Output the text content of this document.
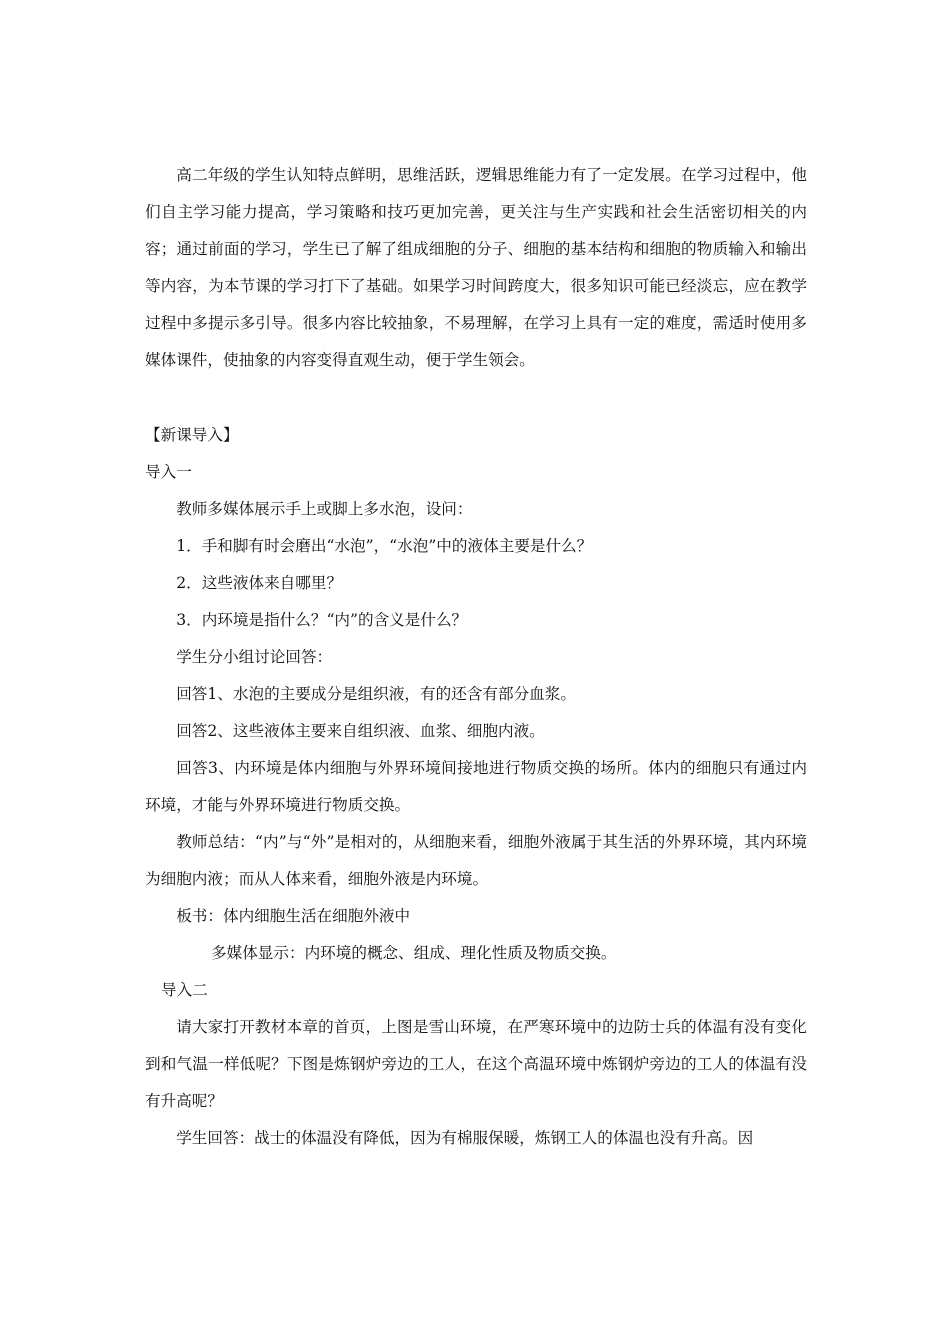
高二年级的学生认知特点鲜明，思维活跃，逻辑思维能力有了一定发展。在学习过程中，他们自主学习能力提高，学习策略和技巧更加完善，更关注与生产实践和社会生活密切相关的内容；通过前面的学习，学生已了解了组成细胞的分子、细胞的基本结构和细胞的物质输入和输出等内容，为本节课的学习打下了基础。如果学习时间跨度大，很多知识可能已经淡忘，应在教学过程中多提示多引导。很多内容比较抽象，不易理解，在学习上具有一定的难度，需适时使用多媒体课件，使抽象的内容变得直观生动，便于学生领会。

【新课导入】

导入一

教师多媒体展示手上或脚上多水泡，设问：

1．手和脚有时会磨出“水泡”，“水泡”中的液体主要是什么？

2．这些液体来自哪里？

3．内环境是指什么？“内”的含义是什么？

学生分小组讨论回答：

回答1、水泡的主要成分是组织液，有的还含有部分血浆。

回答2、这些液体主要来自组织液、血浆、细胞内液。

回答3、内环境是体内细胞与外界环境间接地进行物质交换的场所。体内的细胞只有通过内环境，才能与外界环境进行物质交换。

教师总结：“内”与“外”是相对的，从细胞来看，细胞外液属于其生活的外界环境，其内环境为细胞内液；而从人体来看，细胞外液是内环境。

板书：体内细胞生活在细胞外液中

多媒体显示：内环境的概念、组成、理化性质及物质交换。

导入二

请大家打开教材本章的首页，上图是雪山环境，在严寒环境中的边防士兵的体温有没有变化到和气温一样低呢？下图是炼钢炉旁边的工人，在这个高温环境中炼钢炉旁边的工人的体温有没有升高呢？

学生回答：战士的体温没有降低，因为有棉服保暖，炼钢工人的体温也没有升高。因
